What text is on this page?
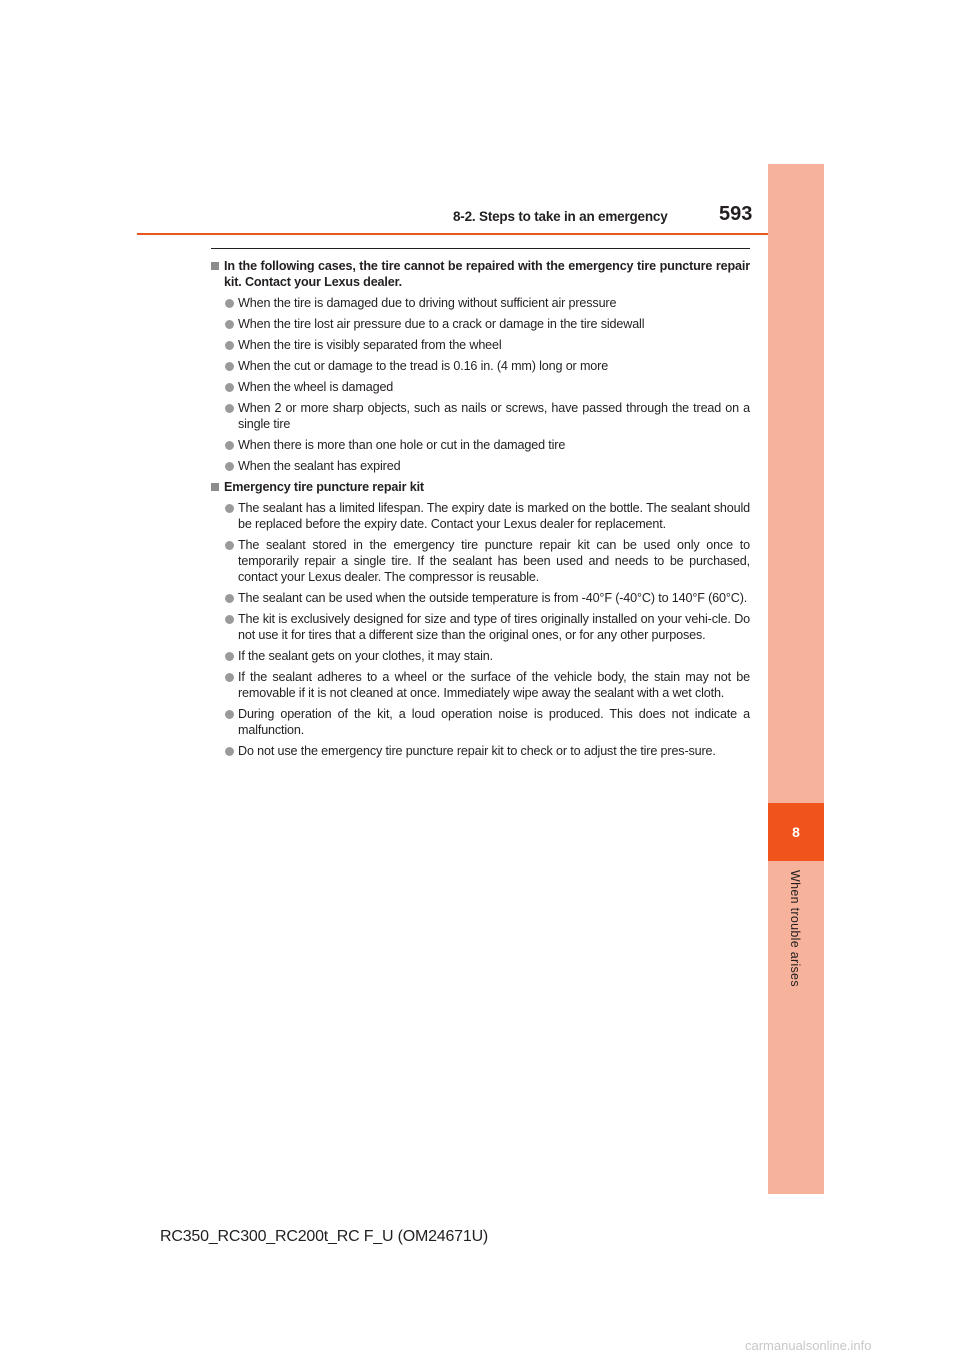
8-2. Steps to take in an emergency	593
8
When trouble arises
In the following cases, the tire cannot be repaired with the emergency tire puncture repair kit. Contact your Lexus dealer.
When the tire is damaged due to driving without sufficient air pressure
When the tire lost air pressure due to a crack or damage in the tire sidewall
When the tire is visibly separated from the wheel
When the cut or damage to the tread is 0.16 in. (4 mm) long or more
When the wheel is damaged
When 2 or more sharp objects, such as nails or screws, have passed through the tread on a single tire
When there is more than one hole or cut in the damaged tire
When the sealant has expired
Emergency tire puncture repair kit
The sealant has a limited lifespan. The expiry date is marked on the bottle. The sealant should be replaced before the expiry date. Contact your Lexus dealer for replacement.
The sealant stored in the emergency tire puncture repair kit can be used only once to temporarily repair a single tire. If the sealant has been used and needs to be purchased, contact your Lexus dealer. The compressor is reusable.
The sealant can be used when the outside temperature is from -40°F (-40°C) to 140°F (60°C).
The kit is exclusively designed for size and type of tires originally installed on your vehi-cle. Do not use it for tires that a different size than the original ones, or for any other purposes.
If the sealant gets on your clothes, it may stain.
If the sealant adheres to a wheel or the surface of the vehicle body, the stain may not be removable if it is not cleaned at once. Immediately wipe away the sealant with a wet cloth.
During operation of the kit, a loud operation noise is produced. This does not indicate a malfunction.
Do not use the emergency tire puncture repair kit to check or to adjust the tire pres-sure.
RC350_RC300_RC200t_RC F_U (OM24671U)
carmanualsonline.info
